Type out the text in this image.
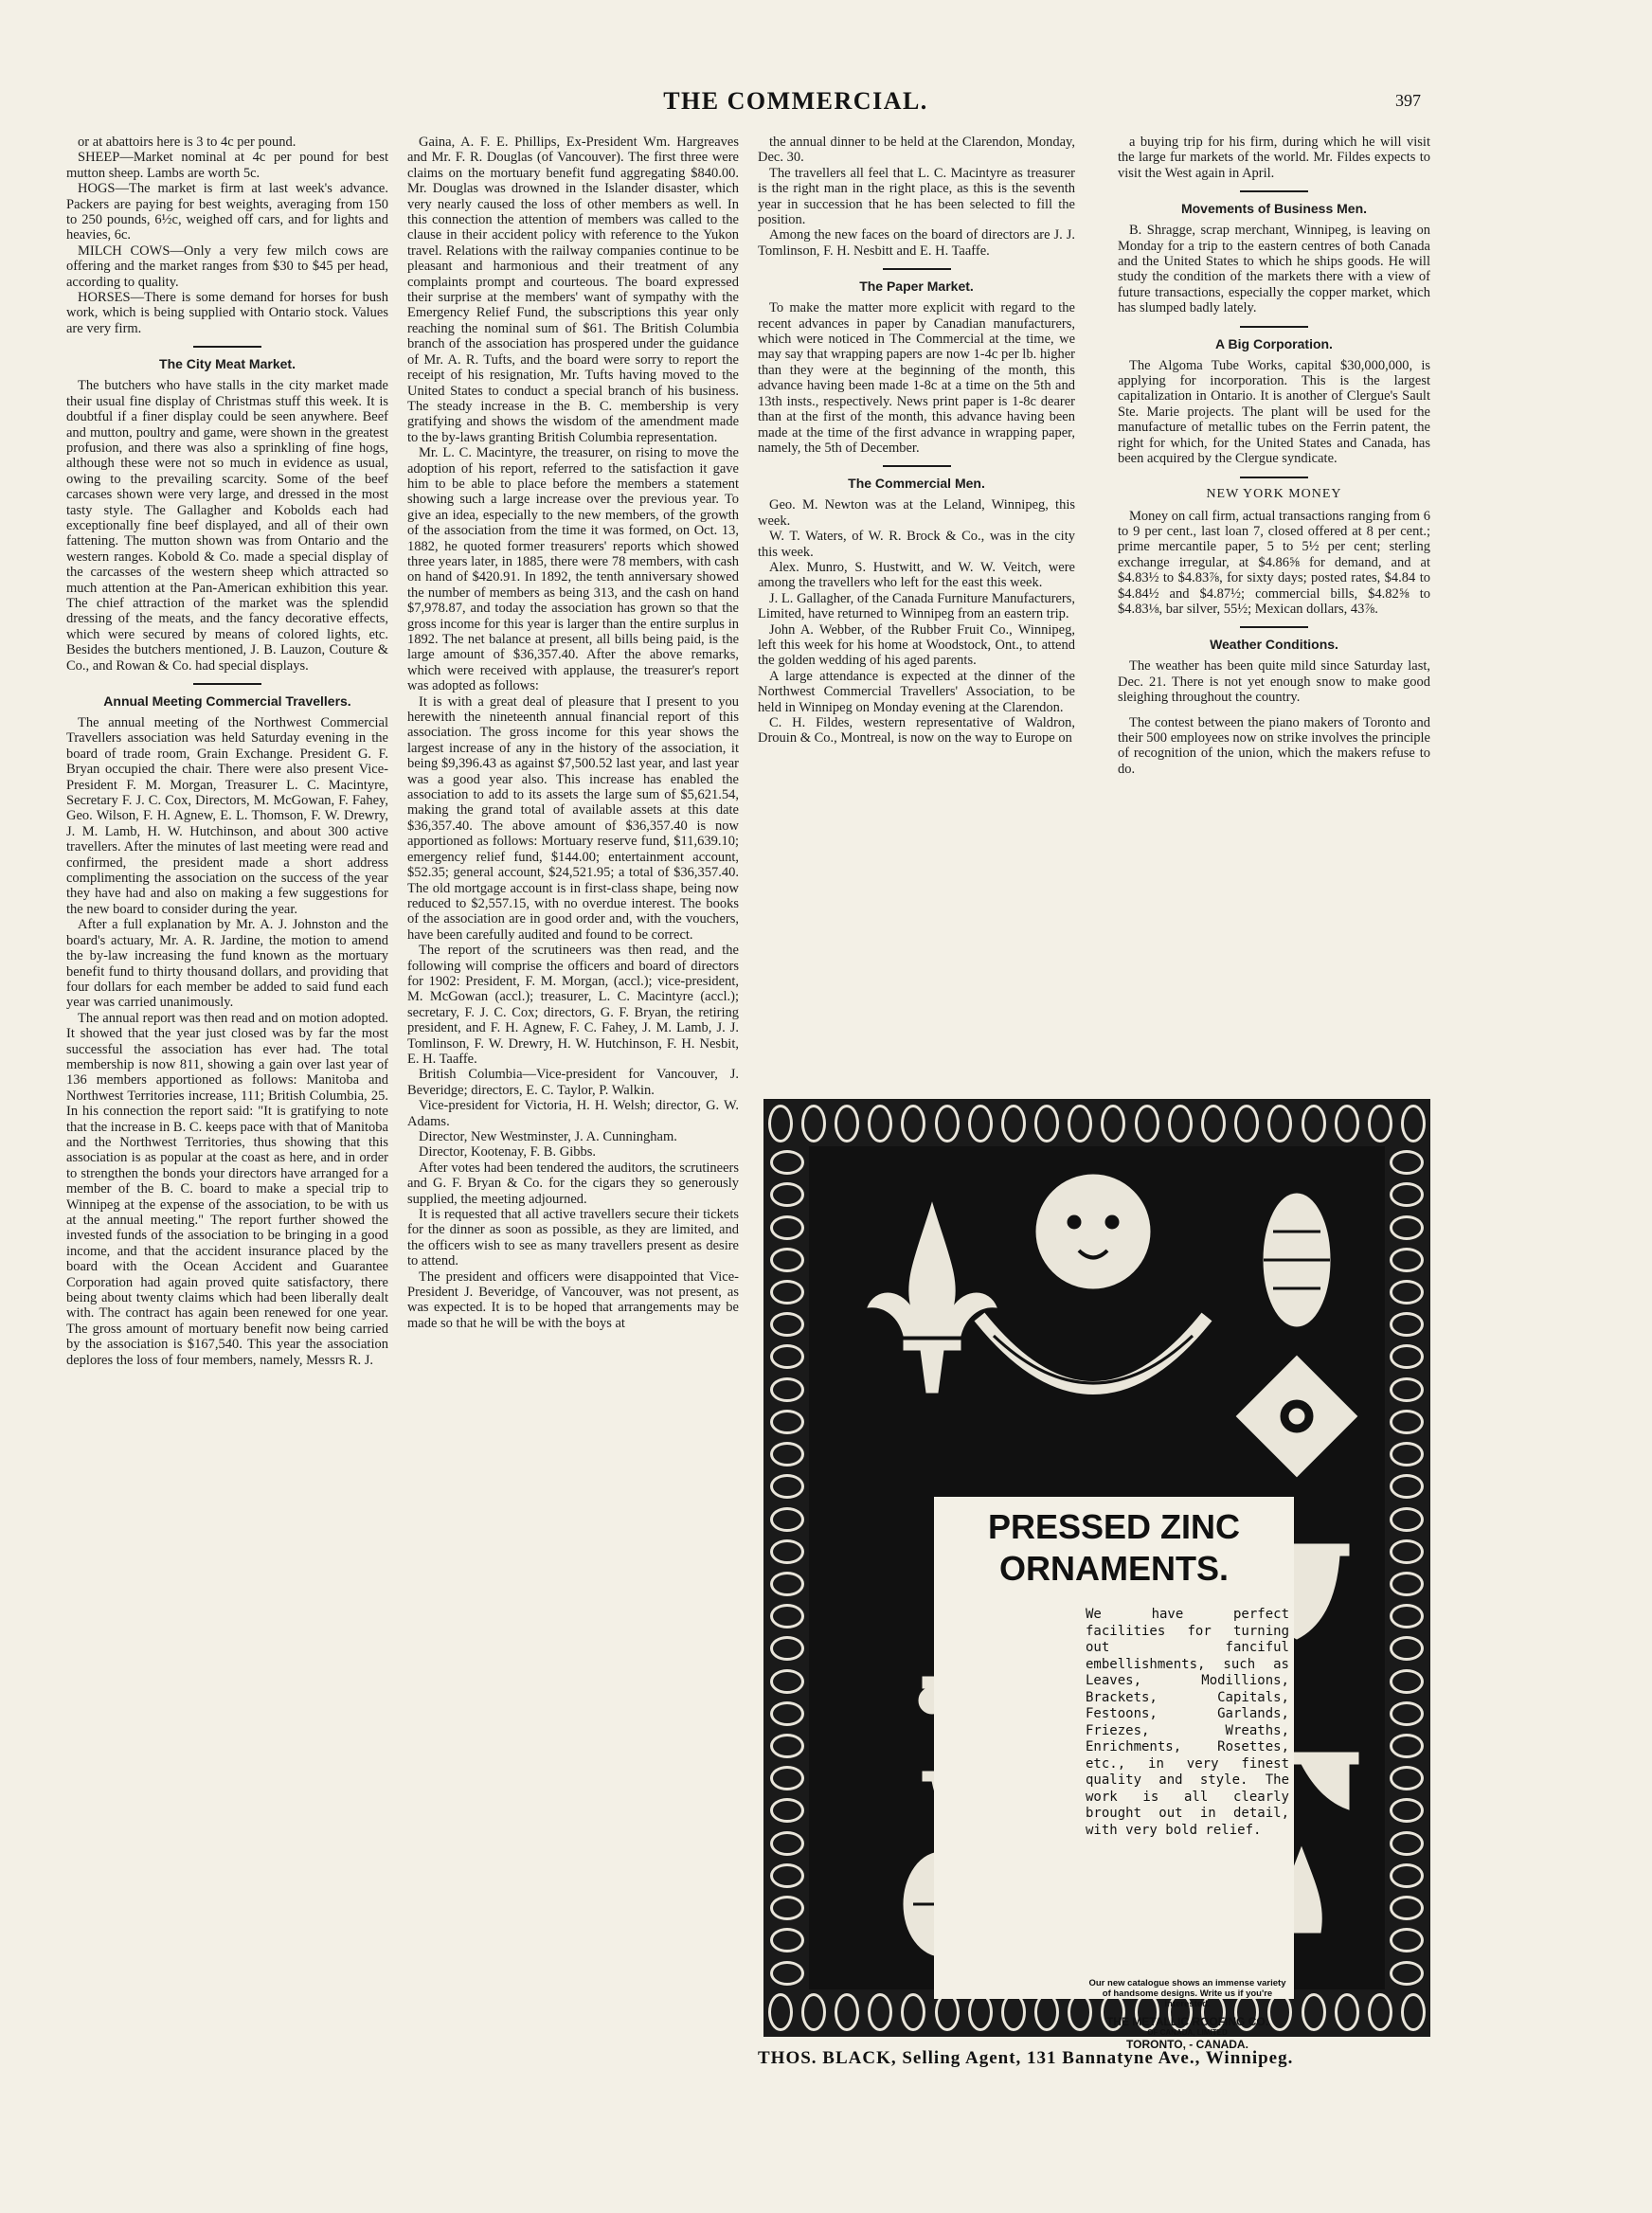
THE COMMERCIAL.	397

or at abattoirs here is 3 to 4c per pound.

SHEEP—Market nominal at 4c per pound for best mutton sheep. Lambs are worth 5c.

HOGS—The market is firm at last week's advance. Packers are paying for best weights, averaging from 150 to 250 pounds, 6½c, weighed off cars, and for lights and heavies, 6c.

MILCH COWS—Only a very few milch cows are offering and the market ranges from $30 to $45 per head, according to quality.

HORSES—There is some demand for horses for bush work, which is being supplied with Ontario stock. Values are very firm.

The City Meat Market.

The butchers who have stalls in the city market made their usual fine display of Christmas stuff this week. It is doubtful if a finer display could be seen anywhere. Beef and mutton, poultry and game, were shown in the greatest profusion, and there was also a sprinkling of fine hogs, although these were not so much in evidence as usual, owing to the prevailing scarcity. Some of the beef carcases shown were very large, and dressed in the most tasty style. The Gallagher and Kobolds each had exceptionally fine beef displayed, and all of their own fattening. The mutton shown was from Ontario and the western ranges. Kobold & Co. made a special display of the carcasses of the western sheep which attracted so much attention at the Pan-American exhibition this year. The chief attraction of the market was the splendid dressing of the meats, and the fancy decorative effects, which were secured by means of colored lights, etc. Besides the butchers mentioned, J. B. Lauzon, Couture & Co., and Rowan & Co. had special displays.

Annual Meeting Commercial Travellers.

The annual meeting of the Northwest Commercial Travellers association was held Saturday evening in the board of trade room, Grain Exchange. President G. F. Bryan occupied the chair. There were also present Vice-President F. M. Morgan, Treasurer L. C. Macintyre, Secretary F. J. C. Cox, Directors, M. McGowan, F. Fahey, Geo. Wilson, F. H. Agnew, E. L. Thomson, F. W. Drewry, J. M. Lamb, H. W. Hutchinson, and about 300 active travellers. After the minutes of last meeting were read and confirmed, the president made a short address complimenting the association on the success of the year they have had and also on making a few suggestions for the new board to consider during the year.

After a full explanation by Mr. A. J. Johnston and the board's actuary, Mr. A. R. Jardine, the motion to amend the by-law increasing the fund known as the mortuary benefit fund to thirty thousand dollars, and providing that four dollars for each member be added to said fund each year was carried unanimously.

The annual report was then read and on motion adopted. It showed that the year just closed was by far the most successful the association has ever had. The total membership is now 811, showing a gain over last year of 136 members apportioned as follows: Manitoba and Northwest Territories increase, 111; British Columbia, 25. In his connection the report said: "It is gratifying to note that the increase in B. C. keeps pace with that of Manitoba and the Northwest Territories, thus showing that this association is as popular at the coast as here, and in order to strengthen the bonds your directors have arranged for a member of the B. C. board to make a special trip to Winnipeg at the expense of the association, to be with us at the annual meeting." The report further showed the invested funds of the association to be bringing in a good income, and that the accident insurance placed by the board with the Ocean Accident and Guarantee Corporation had again proved quite satisfactory, there being about twenty claims which had been liberally dealt with. The contract has again been renewed for one year. The gross amount of mortuary benefit now being carried by the association is $167,540. This year the association deplores the loss of four members, namely, Messrs R. J.

Gaina, A. F. E. Phillips, Ex-President Wm. Hargreaves and Mr. F. R. Douglas (of Vancouver). The first three were claims on the mortuary benefit fund aggregating $840.00. Mr. Douglas was drowned in the Islander disaster, which very nearly caused the loss of other members as well. In this connection the attention of members was called to the clause in their accident policy with reference to the Yukon travel. Relations with the railway companies continue to be pleasant and harmonious and their treatment of any complaints prompt and courteous. The board expressed their surprise at the members' want of sympathy with the Emergency Relief Fund, the subscriptions this year only reaching the nominal sum of $61. The British Columbia branch of the association has prospered under the guidance of Mr. A. R. Tufts, and the board were sorry to report the receipt of his resignation, Mr. Tufts having moved to the United States to conduct a special branch of his business. The steady increase in the B. C. membership is very gratifying and shows the wisdom of the amendment made to the by-laws granting British Columbia representation.

Mr. L. C. Macintyre, the treasurer, on rising to move the adoption of his report, referred to the satisfaction it gave him to be able to place before the members a statement showing such a large increase over the previous year. To give an idea, especially to the new members, of the growth of the association from the time it was formed, on Oct. 13, 1882, he quoted former treasurers' reports which showed three years later, in 1885, there were 78 members, with cash on hand of $420.91. In 1892, the tenth anniversary showed the number of members as being 313, and the cash on hand $7,978.87, and today the association has grown so that the gross income for this year is larger than the entire surplus in 1892. The net balance at present, all bills being paid, is the large amount of $36,357.40. After the above remarks, which were received with applause, the treasurer's report was adopted as follows:

It is with a great deal of pleasure that I present to you herewith the nineteenth annual financial report of this association. The gross income for this year shows the largest increase of any in the history of the association, it being $9,396.43 as against $7,500.52 last year, and last year was a good year also. This increase has enabled the association to add to its assets the large sum of $5,621.54, making the grand total of available assets at this date $36,357.40. The above amount of $36,357.40 is now apportioned as follows: Mortuary reserve fund, $11,639.10; emergency relief fund, $144.00; entertainment account, $52.35; general account, $24,521.95; a total of $36,357.40. The old mortgage account is in first-class shape, being now reduced to $2,557.15, with no overdue interest. The books of the association are in good order and, with the vouchers, have been carefully audited and found to be correct.

The report of the scrutineers was then read, and the following will comprise the officers and board of directors for 1902: President, F. M. Morgan, (accl.); vice-president, M. McGowan (accl.); treasurer, L. C. Macintyre (accl.); secretary, F. J. C. Cox; directors, G. F. Bryan, the retiring president, and F. H. Agnew, F. C. Fahey, J. M. Lamb, J. J. Tomlinson, F. W. Drewry, H. W. Hutchinson, F. H. Nesbit, E. H. Taaffe.

British Columbia—Vice-president for Vancouver, J. Beveridge; directors, E. C. Taylor, P. Walkin.

Vice-president for Victoria, H. H. Welsh; director, G. W. Adams.

Director, New Westminster, J. A. Cunningham.

Director, Kootenay, F. B. Gibbs.

After votes had been tendered the auditors, the scrutineers and G. F. Bryan & Co. for the cigars they so generously supplied, the meeting adjourned.

It is requested that all active travellers secure their tickets for the dinner as soon as possible, as they are limited, and the officers wish to see as many travellers present as desire to attend.

The president and officers were disappointed that Vice-President J. Beveridge, of Vancouver, was not present, as was expected. It is to be hoped that arrangements may be made so that he will be with the boys at

the annual dinner to be held at the Clarendon, Monday, Dec. 30.

The travellers all feel that L. C. Macintyre as treasurer is the right man in the right place, as this is the seventh year in succession that he has been selected to fill the position.

Among the new faces on the board of directors are J. J. Tomlinson, F. H. Nesbitt and E. H. Taaffe.

The Paper Market.

To make the matter more explicit with regard to the recent advances in paper by Canadian manufacturers, which were noticed in The Commercial at the time, we may say that wrapping papers are now 1-4c per lb. higher than they were at the beginning of the month, this advance having been made 1-8c at a time on the 5th and 13th insts., respectively. News print paper is 1-8c dearer than at the first of the month, this advance having been made at the time of the first advance in wrapping paper, namely, the 5th of December.

The Commercial Men.

Geo. M. Newton was at the Leland, Winnipeg, this week.

W. T. Waters, of W. R. Brock & Co., was in the city this week.

Alex. Munro, S. Hustwitt, and W. W. Veitch, were among the travellers who left for the east this week.

J. L. Gallagher, of the Canada Furniture Manufacturers, Limited, have returned to Winnipeg from an eastern trip.

John A. Webber, of the Rubber Fruit Co., Winnipeg, left this week for his home at Woodstock, Ont., to attend the golden wedding of his aged parents.

A large attendance is expected at the dinner of the Northwest Commercial Travellers' Association, to be held in Winnipeg on Monday evening at the Clarendon.

C. H. Fildes, western representative of Waldron, Drouin & Co., Montreal, is now on the way to Europe on

a buying trip for his firm, during which he will visit the large fur markets of the world. Mr. Fildes expects to visit the West again in April.

Movements of Business Men.

B. Shragge, scrap merchant, Winnipeg, is leaving on Monday for a trip to the eastern centres of both Canada and the United States to which he ships goods. He will study the condition of the markets there with a view of future transactions, especially the copper market, which has slumped badly lately.

A Big Corporation.

The Algoma Tube Works, capital $30,000,000, is applying for incorporation. This is the largest capitalization in Ontario. It is another of Clergue's Sault Ste. Marie projects. The plant will be used for the manufacture of metallic tubes on the Ferrin patent, the right for which, for the United States and Canada, has been acquired by the Clergue syndicate.

NEW YORK MONEY

Money on call firm, actual transactions ranging from 6 to 9 per cent., last loan 7, closed offered at 8 per cent.; prime mercantile paper, 5 to 5½ per cent; sterling exchange irregular, at $4.86⅝ for demand, and at $4.83½ to $4.83⅞, for sixty days; posted rates, $4.84 to $4.84½ and $4.87½; commercial bills, $4.82⅝ to $4.83⅛, bar silver, 55½; Mexican dollars, 43⅞.

Weather Conditions.

The weather has been quite mild since Saturday last, Dec. 21. There is not yet enough snow to make good sleighing throughout the country.

The contest between the piano makers of Toronto and their 500 employees now on strike involves the principle of recognition of the union, which the makers refuse to do.

PRESSED ZINC
ORNAMENTS.
We have perfect facilities for turning out fanciful embellishments, such as Leaves, Modillions, Brackets, Capitals, Festoons, Garlands, Friezes, Wreaths, Enrichments, Rosettes, etc., in very finest quality and style. The work is all clearly brought out in detail, with very bold relief.
Our new catalogue shows an immense variety of handsome designs. Write us if you're interested.
THE METALLIC ROOFING CO.
OF CANADA, LIMITED
TORONTO, - CANADA.
THOS. BLACK, Selling Agent, 131 Bannatyne Ave., Winnipeg.
